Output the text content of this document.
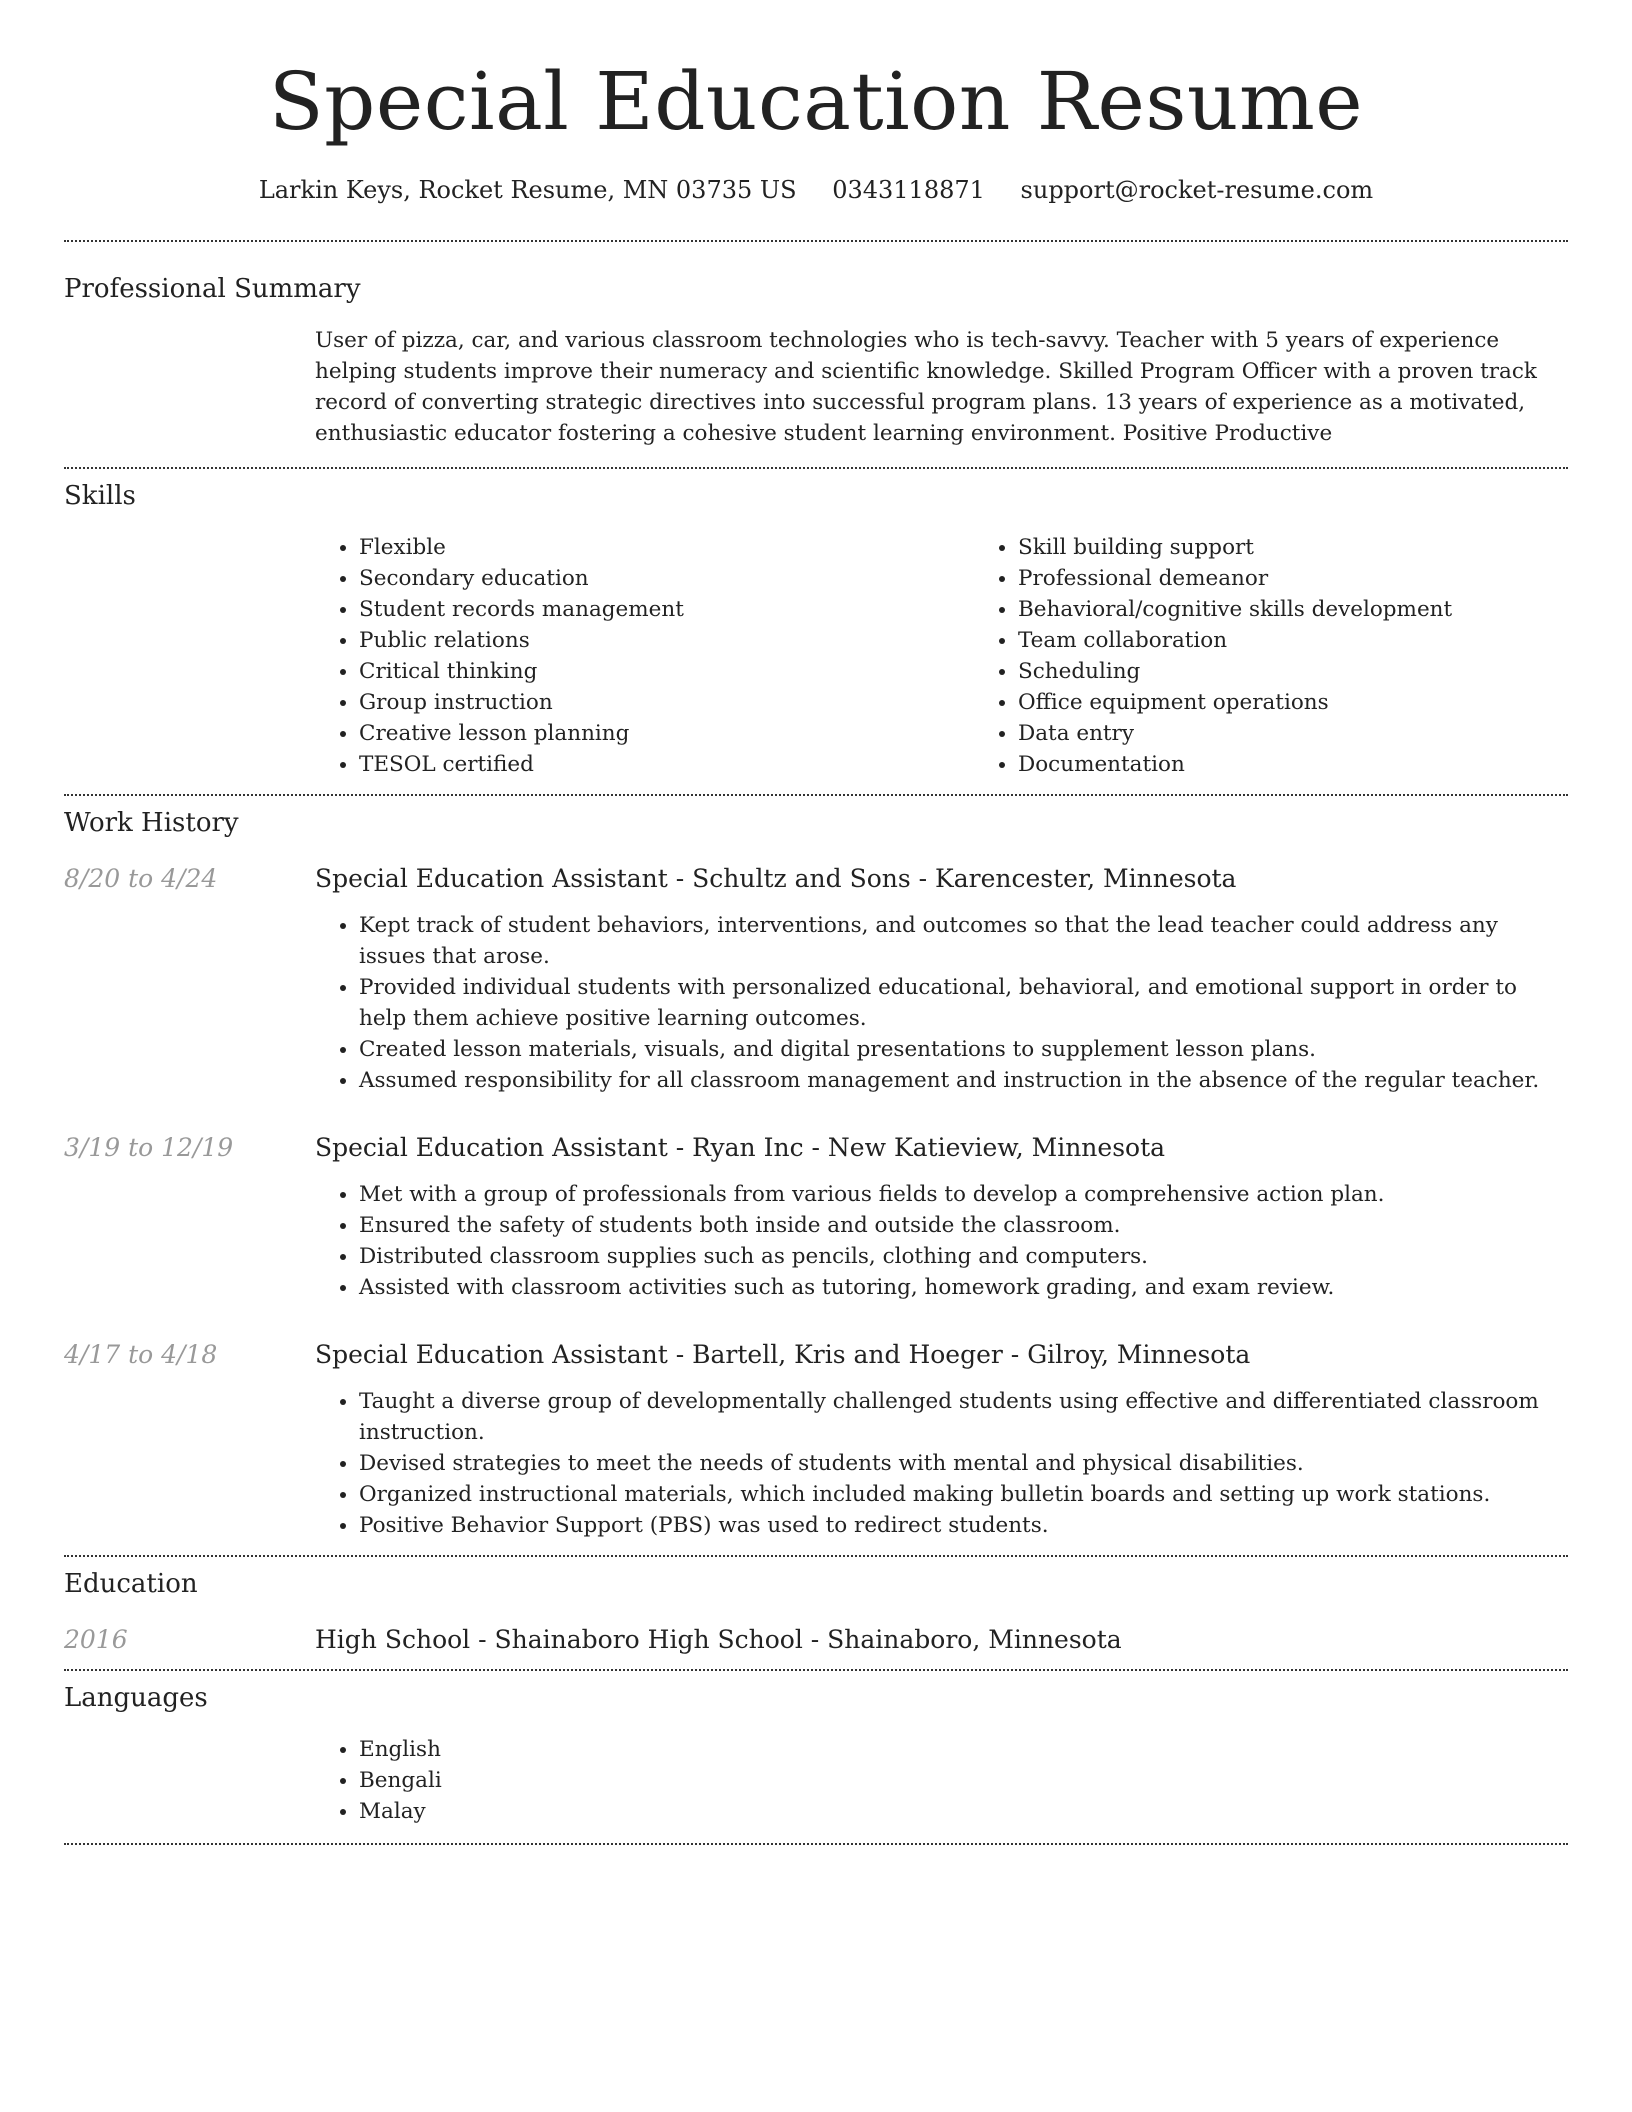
Special Education Resume
Larkin Keys, Rocket Resume, MN 03735 US 0343118871 support@rocket-resume.com
Professional Summary

User of pizza, car, and various classroom technologies who is tech-savvy. Teacher with 5 years of experience helping students improve their numeracy and scientific knowledge. Skilled Program Officer with a proven track record of converting strategic directives into successful program plans. 13 years of experience as a motivated, enthusiastic educator fostering a cohesive student learning environment. Positive Productive

Skills
• Flexible
• Secondary education
• Student records management
• Public relations
• Critical thinking
• Group instruction
• Creative lesson planning
• TESOL certified
• Skill building support
• Professional demeanor
• Behavioral/cognitive skills development
• Team collaboration
• Scheduling
• Office equipment operations
• Data entry
• Documentation
Work History
8/20 to 4/24	Special Education Assistant - Schultz and Sons - Karencester, Minnesota
• Kept track of student behaviors, interventions, and outcomes so that the lead teacher could address any issues that arose.
• Provided individual students with personalized educational, behavioral, and emotional support in order to help them achieve positive learning outcomes.
• Created lesson materials, visuals, and digital presentations to supplement lesson plans.
• Assumed responsibility for all classroom management and instruction in the absence of the regular teacher.
3/19 to 12/19	Special Education Assistant - Ryan Inc - New Katieview, Minnesota
• Met with a group of professionals from various fields to develop a comprehensive action plan.
• Ensured the safety of students both inside and outside the classroom.
• Distributed classroom supplies such as pencils, clothing and computers.
• Assisted with classroom activities such as tutoring, homework grading, and exam review.
4/17 to 4/18	Special Education Assistant - Bartell, Kris and Hoeger - Gilroy, Minnesota
• Taught a diverse group of developmentally challenged students using effective and differentiated classroom instruction.
• Devised strategies to meet the needs of students with mental and physical disabilities.
• Organized instructional materials, which included making bulletin boards and setting up work stations.
• Positive Behavior Support (PBS) was used to redirect students.
Education
2016	High School - Shainaboro High School - Shainaboro, Minnesota
Languages
• English
• Bengali
• Malay
